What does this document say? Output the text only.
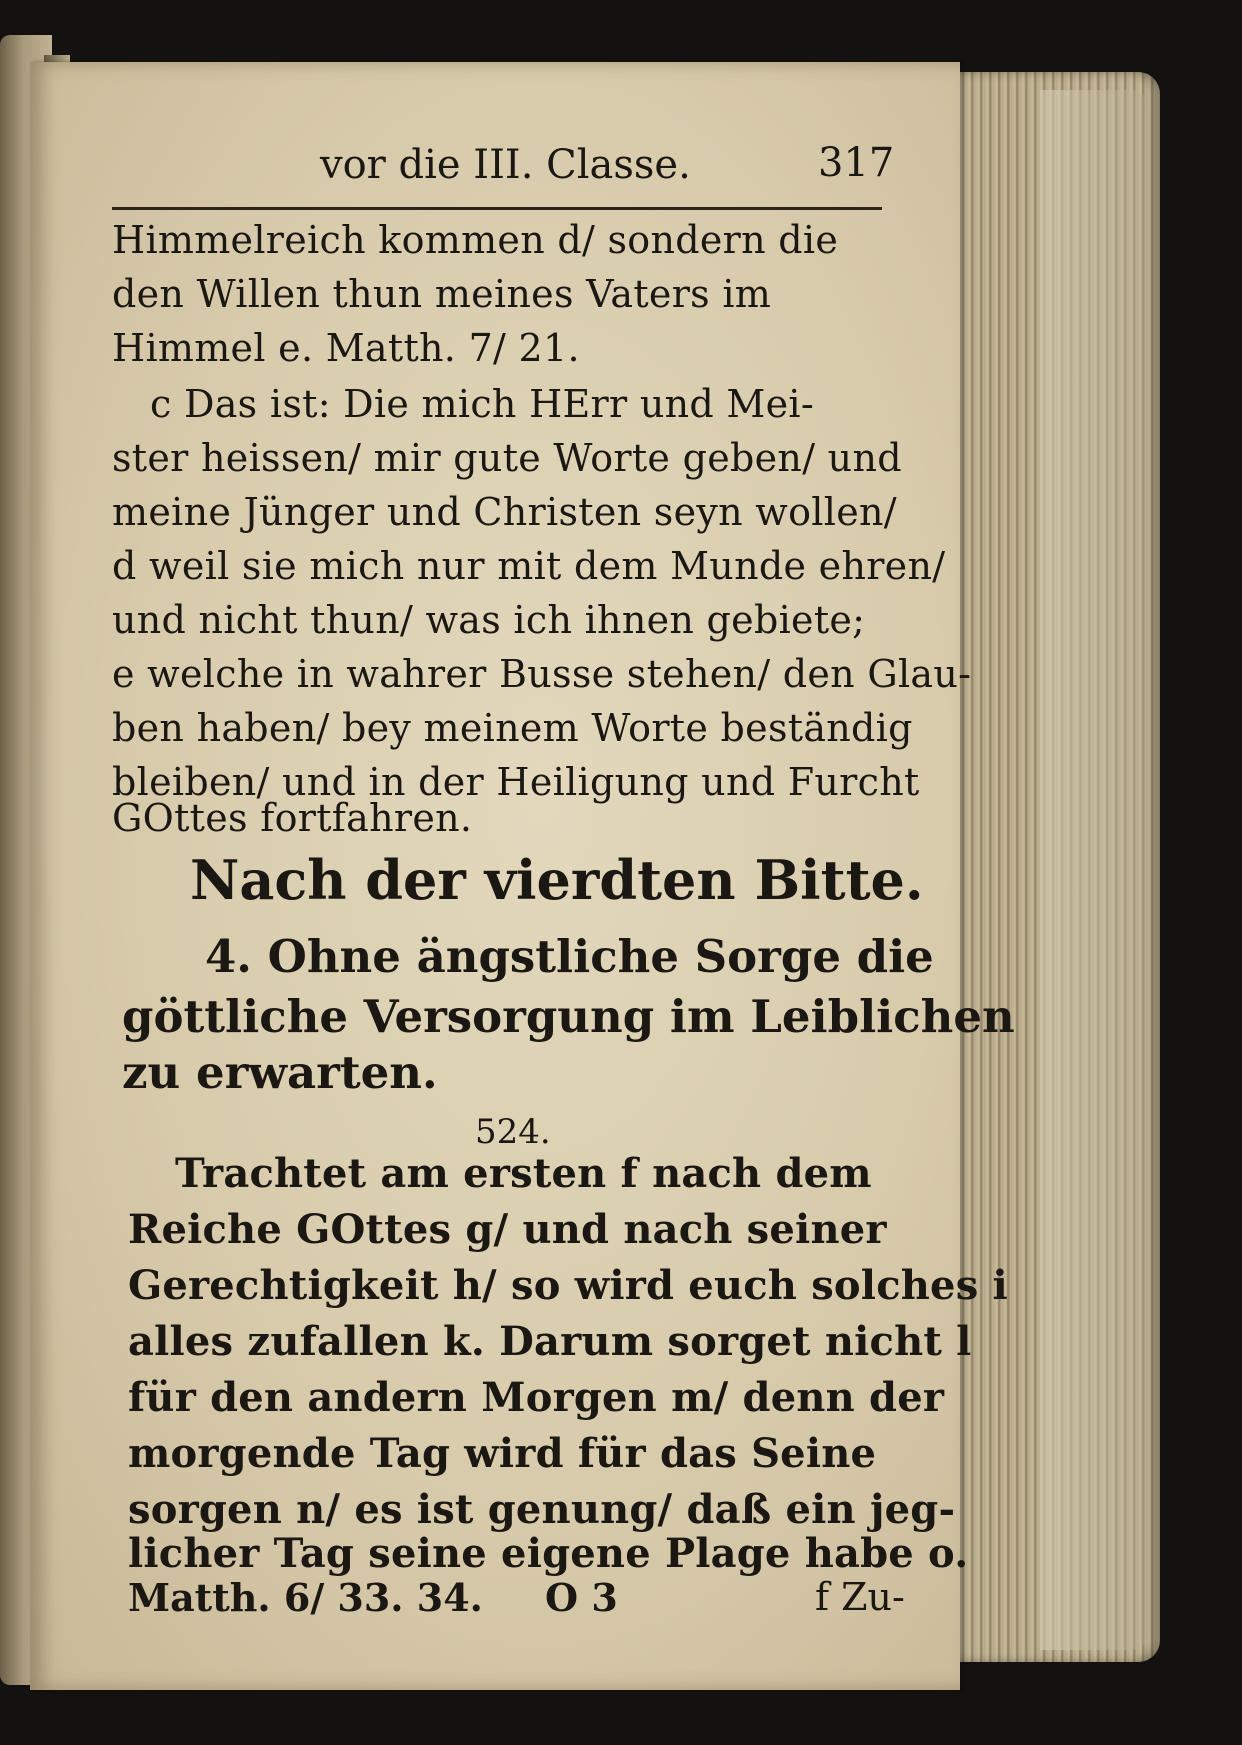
vor die III. Classe.	317
Himmelreich kommen d/ sondern die
den Willen thun meines Vaters im
Himmel e. Matth. 7/ 21.
c Das ist: Die mich HErr und Mei-
ster heissen/ mir gute Worte geben/ und
meine Jünger und Christen seyn wollen/
d weil sie mich nur mit dem Munde ehren/
und nicht thun/ was ich ihnen gebiete;
e welche in wahrer Busse stehen/ den Glau-
ben haben/ bey meinem Worte beständig
bleiben/ und in der Heiligung und Furcht
GOttes fortfahren.
Nach der vierdten Bitte.
4. Ohne ängstliche Sorge die
göttliche Versorgung im Leiblichen
zu erwarten.
524.
Trachtet am ersten f nach dem
Reiche GOttes g/ und nach seiner
Gerechtigkeit h/ so wird euch solches i
alles zufallen k. Darum sorget nicht l
für den andern Morgen m/ denn der
morgende Tag wird für das Seine
sorgen n/ es ist genung/ daß ein jeg-
licher Tag seine eigene Plage habe o.
Matth. 6/ 33. 34. O 3	f Zu-
